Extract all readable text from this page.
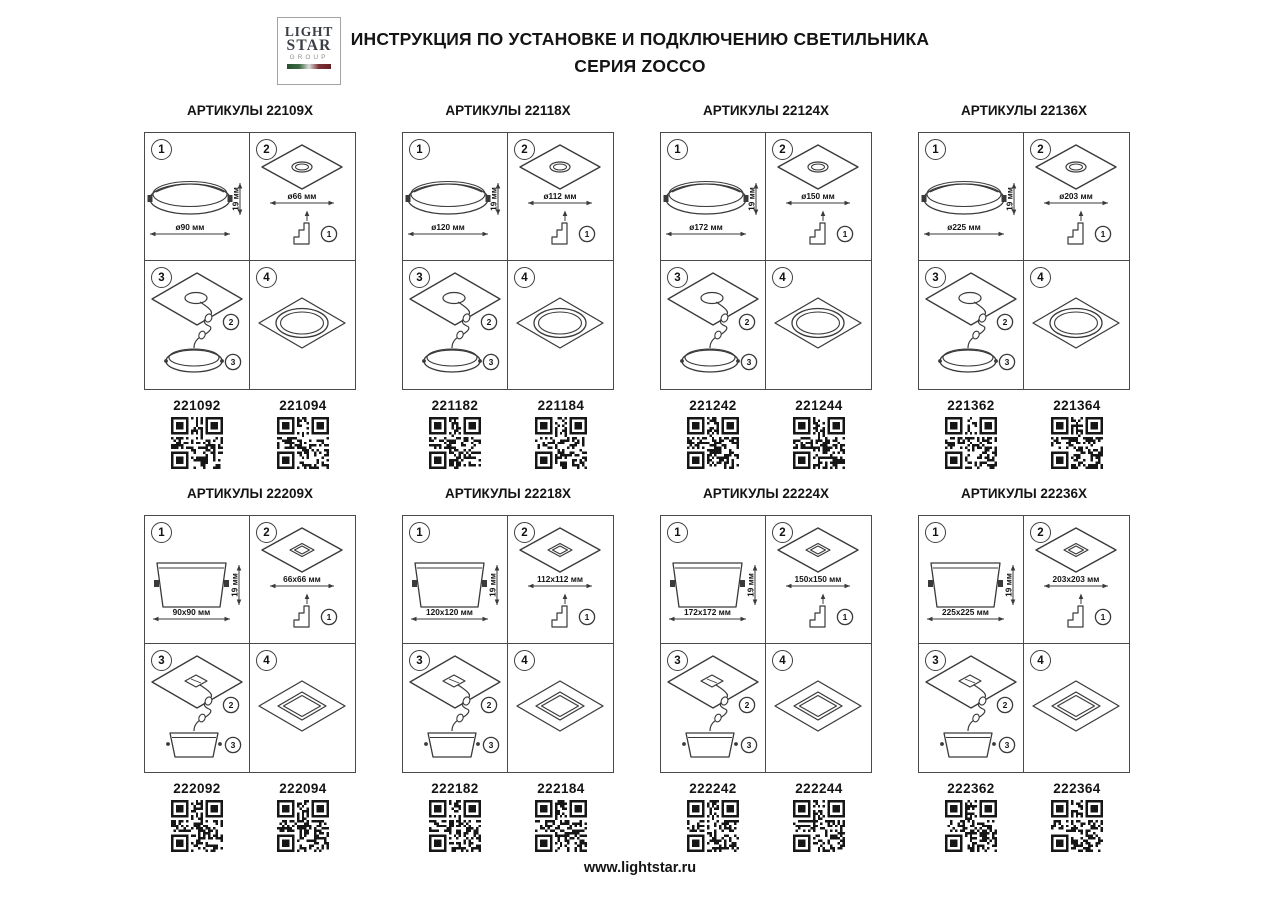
LIGHT
STAR
GROUP
ИНСТРУКЦИЯ ПО УСТАНОВКЕ И ПОДКЛЮЧЕНИЮ СВЕТИЛЬНИКА
СЕРИЯ ZOCCO
АРТИКУЛЫ 22109X
ø90 мм
19 мм
1
ø66 мм
1
2
2
3
3	4
221092	221094
АРТИКУЛЫ 22118X
ø120 мм
19 мм
1
ø112 мм
1
2
2
3
3	4
221182	221184
АРТИКУЛЫ 22124X
ø172 мм
19 мм
1
ø150 мм
1
2
2
3
3	4
221242	221244
АРТИКУЛЫ 22136X
ø225 мм
19 мм
1
ø203 мм
1
2
2
3
3	4
221362	221364
АРТИКУЛЫ 22209X
90x90 мм
19 мм
1
66x66 мм
1
2
2
3
3	4
222092	222094
АРТИКУЛЫ 22218X
120x120 мм
19 мм
1
112x112 мм
1
2
2
3
3	4
222182	222184
АРТИКУЛЫ 22224X
172x172 мм
19 мм
1
150x150 мм
1
2
2
3
3	4
222242	222244
АРТИКУЛЫ 22236X
225x225 мм
19 мм
1
203x203 мм
1
2
2
3
3	4
222362	222364
www.lightstar.ru
